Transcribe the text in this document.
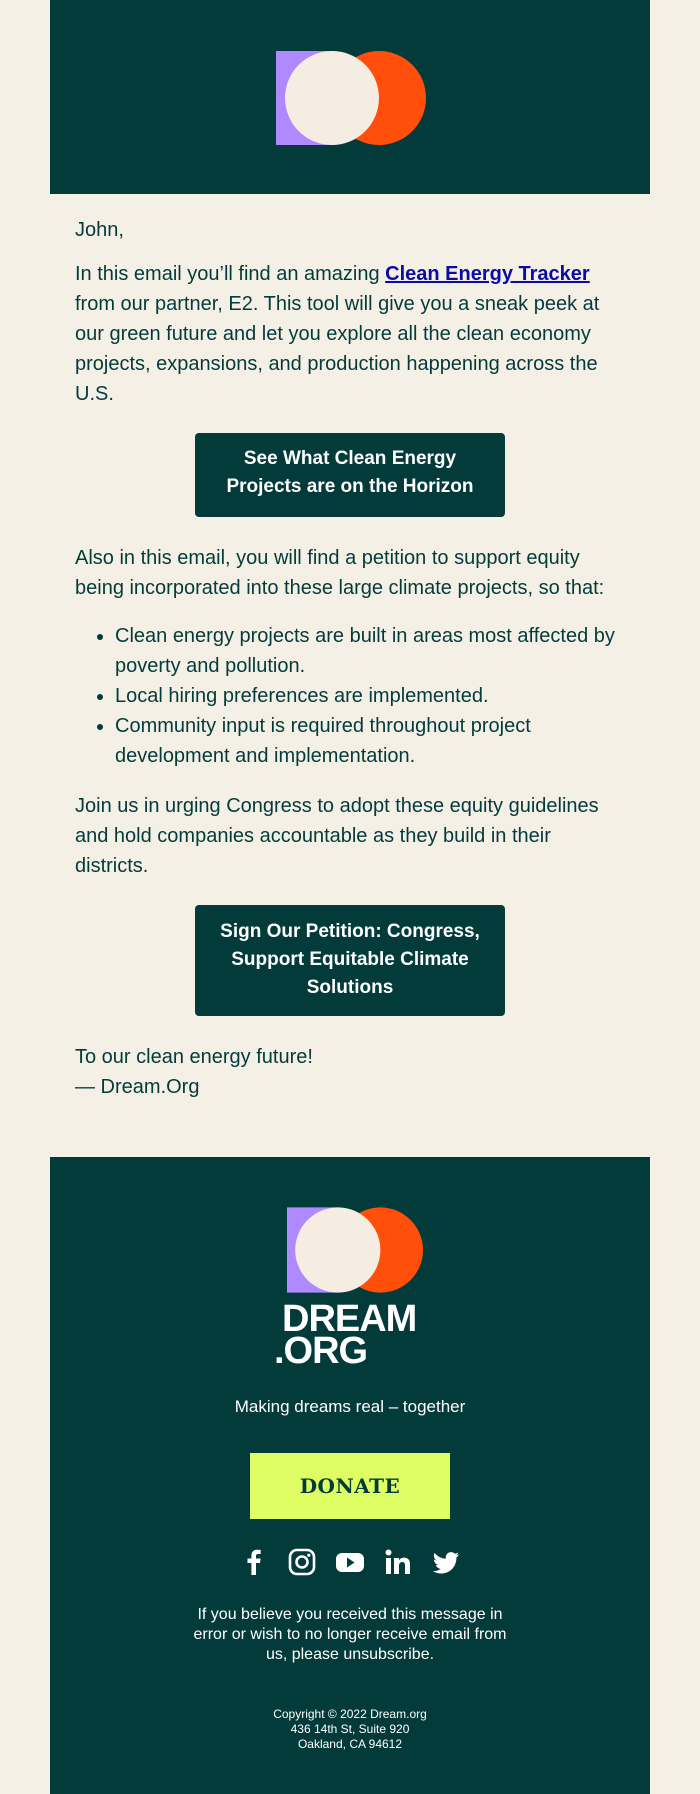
John,

In this email you’ll find an amazing Clean Energy Tracker from our partner, E2. This tool will give you a sneak peek at our green future and let you explore all the clean economy projects, expansions, and production happening across the U.S.

See What Clean Energy Projects are on the Horizon

Also in this email, you will find a petition to support equity being incorporated into these large climate projects, so that:

• Clean energy projects are built in areas most affected by poverty and pollution.
• Local hiring preferences are implemented.
• Community input is required throughout project development and implementation.

Join us in urging Congress to adopt these equity guidelines and hold companies accountable as they build in their districts.

Sign Our Petition: Congress, Support Equitable Climate Solutions

To our clean energy future!

— Dream.Org

DREAM
.ORG
Making dreams real – together
DONATE
If you believe you received this message in error or wish to no longer receive email from us, please unsubscribe.
Copyright © 2022 Dream.org
436 14th St, Suite 920
Oakland, CA 94612
